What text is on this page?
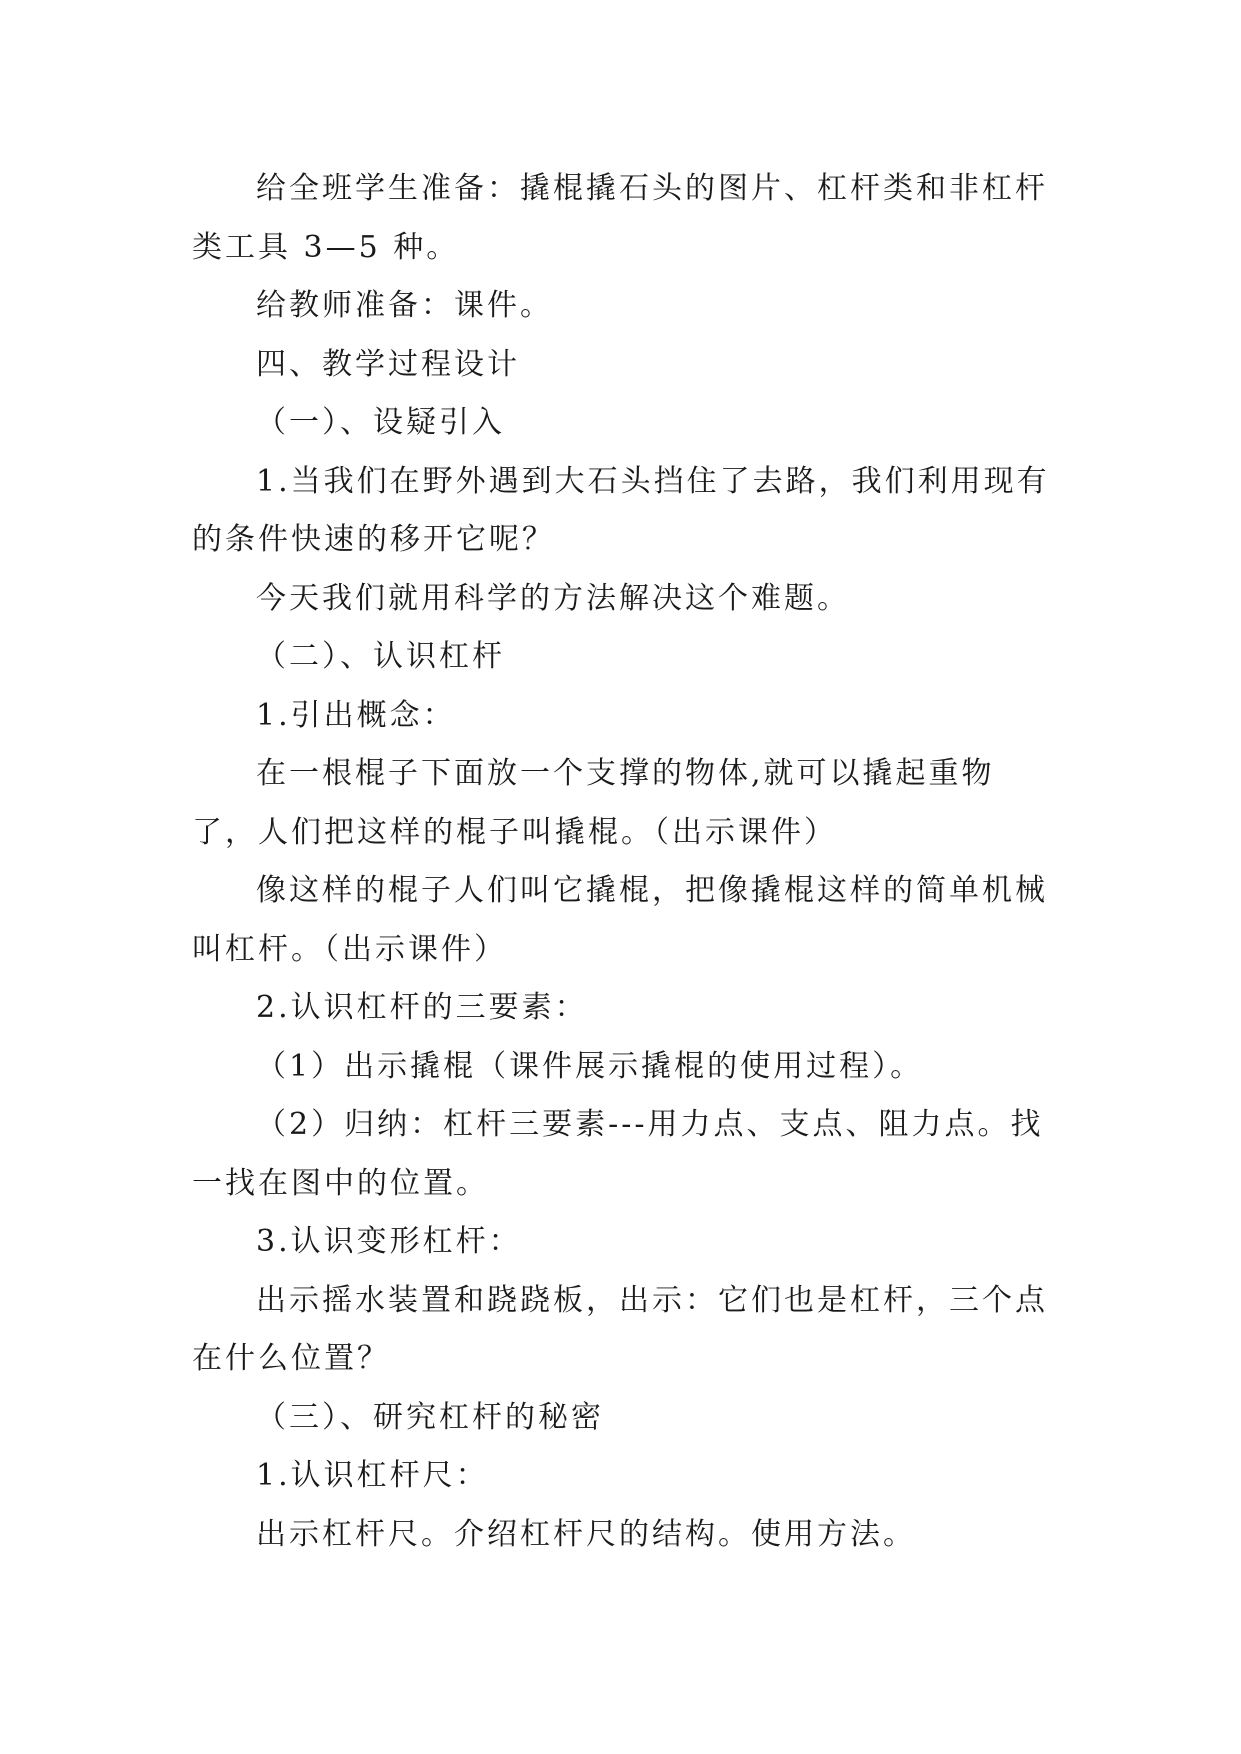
给全班学生准备：撬棍撬石头的图片、杠杆类和非杠杆类工具 3—5 种。

给教师准备：课件。

四、教学过程设计

（一）、设疑引入

1.当我们在野外遇到大石头挡住了去路，我们利用现有的条件快速的移开它呢？

今天我们就用科学的方法解决这个难题。

（二）、认识杠杆

1.引出概念：

在一根棍子下面放一个支撑的物体,就可以撬起重物了，人们把这样的棍子叫撬棍。（出示课件）

像这样的棍子人们叫它撬棍，把像撬棍这样的简单机械叫杠杆。（出示课件）

2.认识杠杆的三要素：

（1）出示撬棍（课件展示撬棍的使用过程）。

（2）归纳：杠杆三要素---用力点、支点、阻力点。找一找在图中的位置。

3.认识变形杠杆：

出示摇水装置和跷跷板，出示：它们也是杠杆，三个点在什么位置？

（三）、研究杠杆的秘密

1.认识杠杆尺：

出示杠杆尺。介绍杠杆尺的结构。使用方法。
